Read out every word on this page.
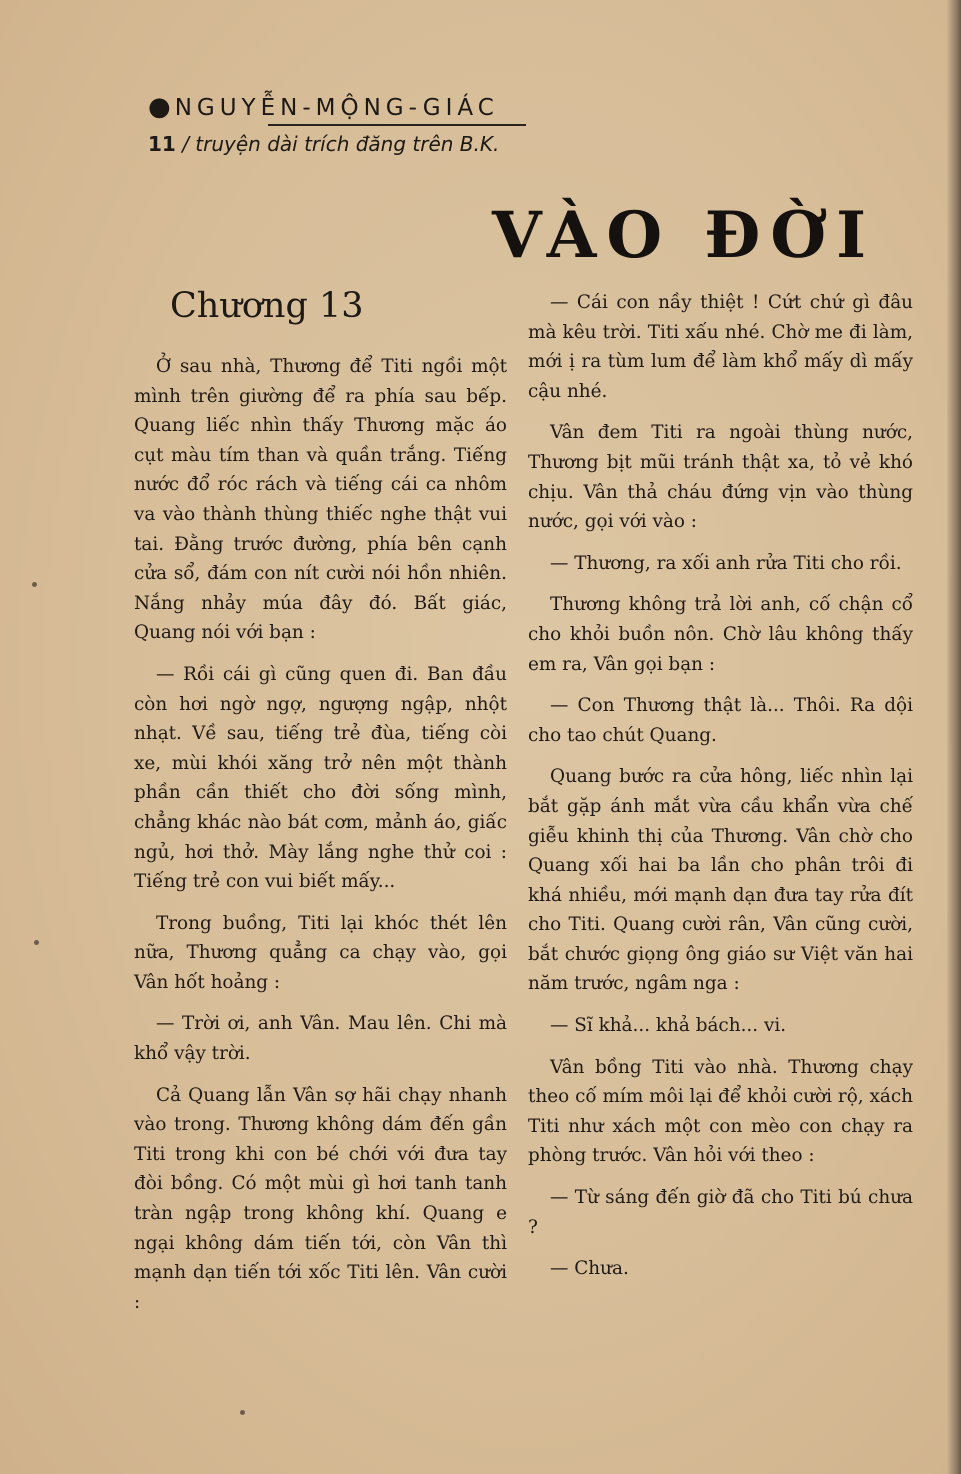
● NGUYỄN-MỘNG-GIÁC
11 / truyện dài trích đăng trên B.K.
VÀO ĐỜI
Chương 13

Ở sau nhà, Thương để Titi ngồi một mình trên giường để ra phía sau bếp. Quang liếc nhìn thấy Thương mặc áo cụt màu tím than và quần trắng. Tiếng nước đổ róc rách và tiếng cái ca nhôm va vào thành thùng thiếc nghe thật vui tai. Đằng trước đường, phía bên cạnh cửa sổ, đám con nít cười nói hồn nhiên. Nắng nhảy múa đây đó. Bất giác, Quang nói với bạn :

— Rồi cái gì cũng quen đi. Ban đầu còn hơi ngờ ngợ, ngượng ngập, nhột nhạt. Về sau, tiếng trẻ đùa, tiếng còi xe, mùi khói xăng trở nên một thành phần cần thiết cho đời sống mình, chẳng khác nào bát cơm, mảnh áo, giấc ngủ, hơi thở. Mày lắng nghe thử coi : Tiếng trẻ con vui biết mấy...

Trong buồng, Titi lại khóc thét lên nữa, Thương quẳng ca chạy vào, gọi Vân hốt hoảng :

— Trời ơi, anh Vân. Mau lên. Chi mà khổ vậy trời.

Cả Quang lẫn Vân sợ hãi chạy nhanh vào trong. Thương không dám đến gần Titi trong khi con bé chới với đưa tay đòi bồng. Có một mùi gì hơi tanh tanh tràn ngập trong không khí. Quang e ngại không dám tiến tới, còn Vân thì mạnh dạn tiến tới xốc Titi lên. Vân cười :

— Cái con nầy thiệt ! Cứt chứ gì đâu mà kêu trời. Titi xấu nhé. Chờ me đi làm, mới ị ra tùm lum để làm khổ mấy dì mấy cậu nhé.

Vân đem Titi ra ngoài thùng nước, Thương bịt mũi tránh thật xa, tỏ vẻ khó chịu. Vân thả cháu đứng vịn vào thùng nước, gọi với vào :

— Thương, ra xối anh rửa Titi cho rồi.

Thương không trả lời anh, cố chận cổ cho khỏi buồn nôn. Chờ lâu không thấy em ra, Vân gọi bạn :

— Con Thương thật là... Thôi. Ra dội cho tao chút Quang.

Quang bước ra cửa hông, liếc nhìn lại bắt gặp ánh mắt vừa cầu khẩn vừa chế giễu khinh thị của Thương. Vân chờ cho Quang xối hai ba lần cho phân trôi đi khá nhiều, mới mạnh dạn đưa tay rửa đít cho Titi. Quang cười rân, Vân cũng cười, bắt chước giọng ông giáo sư Việt văn hai năm trước, ngâm nga :

— Sĩ khả... khả bách... vi.

Vân bồng Titi vào nhà. Thương chạy theo cố mím môi lại để khỏi cười rộ, xách Titi như xách một con mèo con chạy ra phòng trước. Vân hỏi với theo :

— Từ sáng đến giờ đã cho Titi bú chưa ?

— Chưa.
